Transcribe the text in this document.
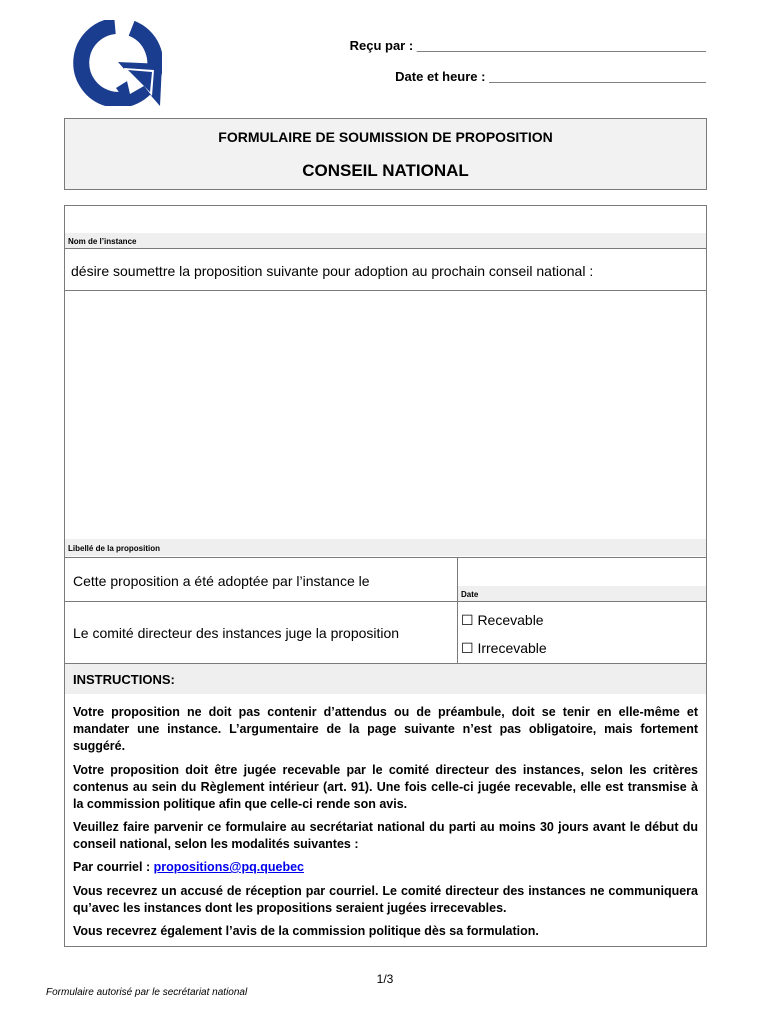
Reçu par : ________________________________________
Date et heure : ______________________________
FORMULAIRE DE SOUMISSION DE PROPOSITION
CONSEIL NATIONAL
Nom de l’instance
désire soumettre la proposition suivante pour adoption au prochain conseil national :
Libellé de la proposition
Cette proposition a été adoptée par l’instance le
Date
Le comité directeur des instances juge la proposition
☐ Recevable
☐ Irrecevable
INSTRUCTIONS:
Votre proposition ne doit pas contenir d’attendus ou de préambule, doit se tenir en elle-même et mandater une instance. L’argumentaire de la page suivante n’est pas obligatoire, mais fortement suggéré.
Votre proposition doit être jugée recevable par le comité directeur des instances, selon les critères contenus au sein du Règlement intérieur (art. 91). Une fois celle-ci jugée recevable, elle est transmise à la commission politique afin que celle-ci rende son avis.
Veuillez faire parvenir ce formulaire au secrétariat national du parti au moins 30 jours avant le début du conseil national, selon les modalités suivantes :
Par courriel : propositions@pq.quebec
Vous recevrez un accusé de réception par courriel. Le comité directeur des instances ne communiquera qu’avec les instances dont les propositions seraient jugées irrecevables.
Vous recevrez également l’avis de la commission politique dès sa formulation.
1/3
Formulaire autorisé par le secrétariat national
